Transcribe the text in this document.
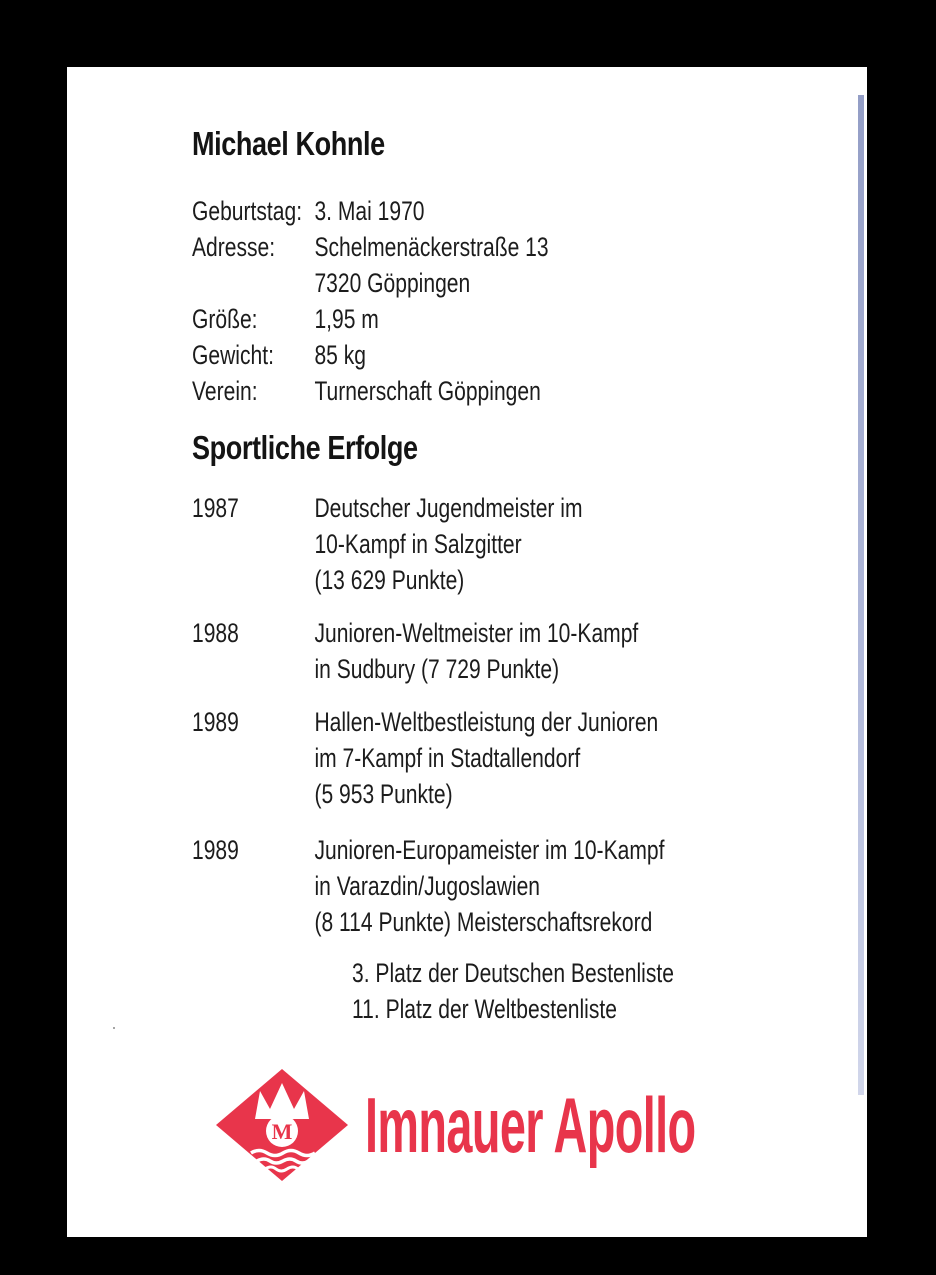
Michael Kohnle
Geburtstag: 3. Mai 1970
Adresse: Schelmenäckerstraße 13
7320 Göppingen
Größe: 1,95 m
Gewicht: 85 kg
Verein: Turnerschaft Göppingen
Sportliche Erfolge
1987	Deutscher Jugendmeister im
10-Kampf in Salzgitter
(13 629 Punkte)
1988	Junioren-Weltmeister im 10-Kampf
in Sudbury (7 729 Punkte)
1989	Hallen-Weltbestleistung der Junioren
im 7-Kampf in Stadtallendorf
(5 953 Punkte)
1989	Junioren-Europameister im 10-Kampf
in Varazdin/Jugoslawien
(8 114 Punkte) Meisterschaftsrekord
3. Platz der Deutschen Bestenliste
11. Platz der Weltbestenliste
M Imnauer Apollo
